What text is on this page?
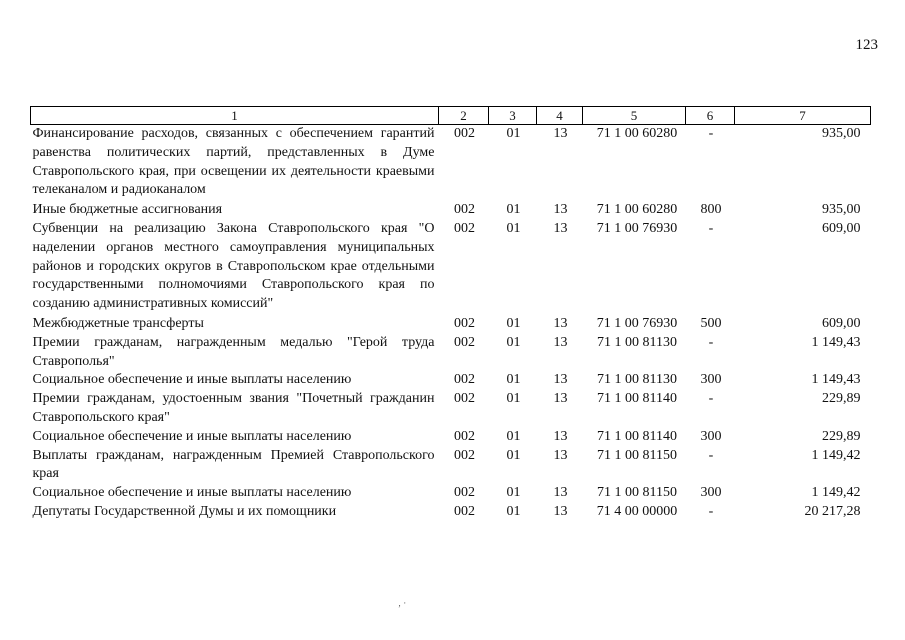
123
1	2	3	4	5	6	7
Финансирование расходов, связанных с обеспечением гарантий равенства политических партий, представленных в Думе Ставропольского края, при освещении их деятельности краевыми телеканалом и радиоканалом	002	01	13	71 1 00 60280	-	935,00
Иные бюджетные ассигнования	002	01	13	71 1 00 60280	800	935,00
Субвенции на реализацию Закона Ставропольского края "О наделении органов местного самоуправления муниципальных районов и городских округов в Ставропольском крае отдельными государственными полномочиями Ставропольского края по созданию административных комиссий"	002	01	13	71 1 00 76930	-	609,00
Межбюджетные трансферты	002	01	13	71 1 00 76930	500	609,00
Премии гражданам, награжденным медалью "Герой труда Ставрополья"	002	01	13	71 1 00 81130	-	1 149,43
Социальное обеспечение и иные выплаты населению	002	01	13	71 1 00 81130	300	1 149,43
Премии гражданам, удостоенным звания "Почетный гражданин Ставропольского края"	002	01	13	71 1 00 81140	-	229,89
Социальное обеспечение и иные выплаты населению	002	01	13	71 1 00 81140	300	229,89
Выплаты гражданам, награжденным Премией Ставропольского края	002	01	13	71 1 00 81150	-	1 149,42
Социальное обеспечение и иные выплаты населению	002	01	13	71 1 00 81150	300	1 149,42
Депутаты Государственной Думы и их помощники	002	01	13	71 4 00 00000	-	20 217,28
‚ ·
